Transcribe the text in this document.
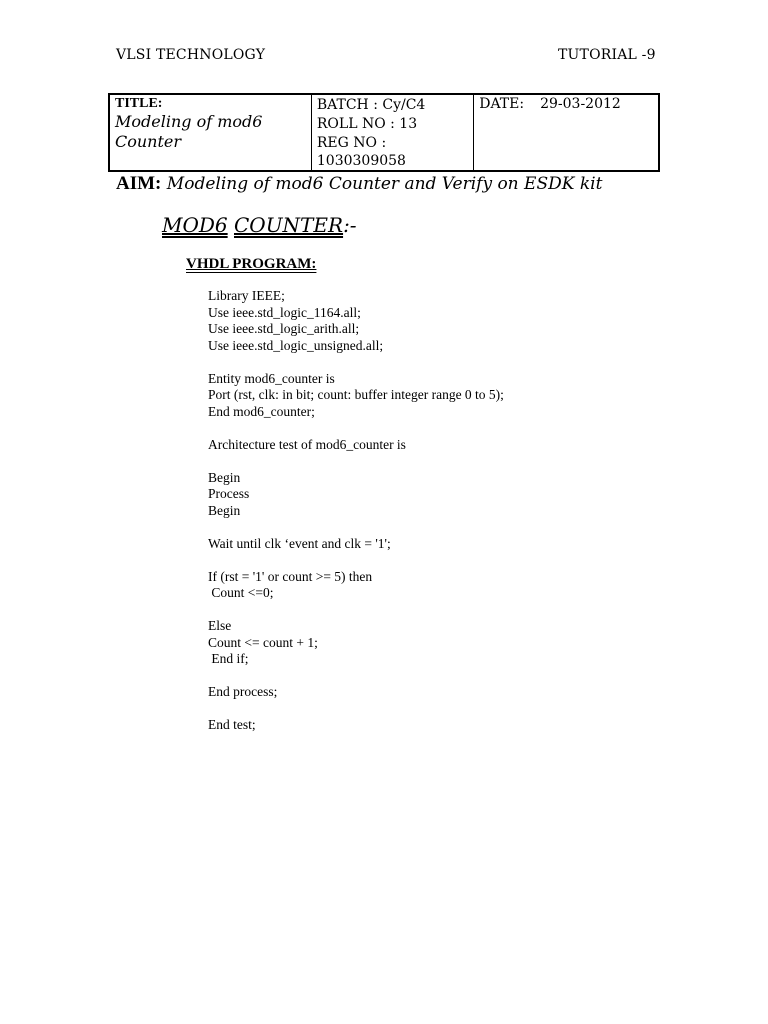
VLSI TECHNOLOGY	TUTORIAL -9
TITLE:
Modeling of mod6
Counter

BATCH : Cy/C4
ROLL NO : 13
REG NO : 1030309058

DATE: 29-03-2012
AIM: Modeling of mod6 Counter and Verify on ESDK kit
MOD6 COUNTER:-
VHDL PROGRAM:
Library IEEE;
Use ieee.std_logic_1164.all;
Use ieee.std_logic_arith.all;
Use ieee.std_logic_unsigned.all;
Entity mod6_counter is
Port (rst, clk: in bit; count: buffer integer range 0 to 5);
End mod6_counter;
Architecture test of mod6_counter is
Begin
Process
Begin
Wait until clk ‘event and clk = '1';
If (rst = '1' or count >= 5) then
Count <=0;
Else
Count <= count + 1;
End if;
End process;
End test;
